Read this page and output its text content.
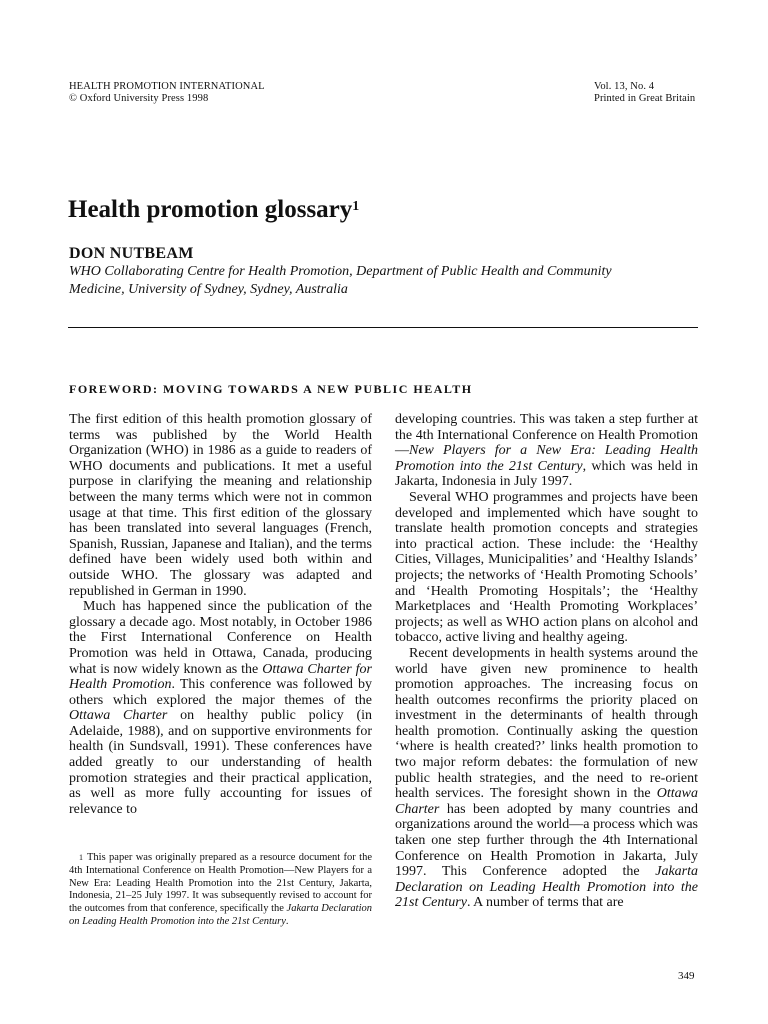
HEALTH PROMOTION INTERNATIONAL
© Oxford University Press 1998
Vol. 13, No. 4
Printed in Great Britain
Health promotion glossary$^1$
DON NUTBEAM
WHO Collaborating Centre for Health Promotion, Department of Public Health and Community
Medicine, University of Sydney, Sydney, Australia
FOREWORD: MOVING TOWARDS A NEW PUBLIC HEALTH

The first edition of this health promotion glossary of terms was published by the World Health Organization (WHO) in 1986 as a guide to readers of WHO documents and publications. It met a useful purpose in clarifying the meaning and relationship between the many terms which were not in common usage at that time. This first edition of the glossary has been translated into several languages (French, Spanish, Russian, Japanese and Italian), and the terms defined have been widely used both within and outside WHO. The glossary was adapted and republished in German in 1990.

Much has happened since the publication of the glossary a decade ago. Most notably, in October 1986 the First International Conference on Health Promotion was held in Ottawa, Canada, producing what is now widely known as the Ottawa Charter for Health Promotion. This conference was followed by others which explored the major themes of the Ottawa Charter on healthy public policy (in Adelaide, 1988), and on supportive environments for health (in Sundsvall, 1991). These conferences have added greatly to our understanding of health promotion strategies and their practical application, as well as more fully accounting for issues of relevance to

$^1$ This paper was originally prepared as a resource document for the 4th International Conference on Health Promotion—New Players for a New Era: Leading Health Promotion into the 21st Century, Jakarta, Indonesia, 21–25 July 1997. It was subsequently revised to account for the outcomes from that conference, specifically the Jakarta Declaration on Leading Health Promotion into the 21st Century.

developing countries. This was taken a step further at the 4th International Conference on Health Promotion—New Players for a New Era: Leading Health Promotion into the 21st Century, which was held in Jakarta, Indonesia in July 1997.

Several WHO programmes and projects have been developed and implemented which have sought to translate health promotion concepts and strategies into practical action. These include: the ‘Healthy Cities, Villages, Municipalities’ and ‘Healthy Islands’ projects; the networks of ‘Health Promoting Schools’ and ‘Health Promoting Hospitals’; the ‘Healthy Marketplaces and ‘Health Promoting Workplaces’ projects; as well as WHO action plans on alcohol and tobacco, active living and healthy ageing.

Recent developments in health systems around the world have given new prominence to health promotion approaches. The increasing focus on health outcomes reconfirms the priority placed on investment in the determinants of health through health promotion. Continually asking the question ‘where is health created?’ links health promotion to two major reform debates: the formulation of new public health strategies, and the need to re-orient health services. The foresight shown in the Ottawa Charter has been adopted by many countries and organizations around the world—a process which was taken one step further through the 4th International Conference on Health Promotion in Jakarta, July 1997. This Conference adopted the Jakarta Declaration on Leading Health Promotion into the 21st Century. A number of terms that are

349
